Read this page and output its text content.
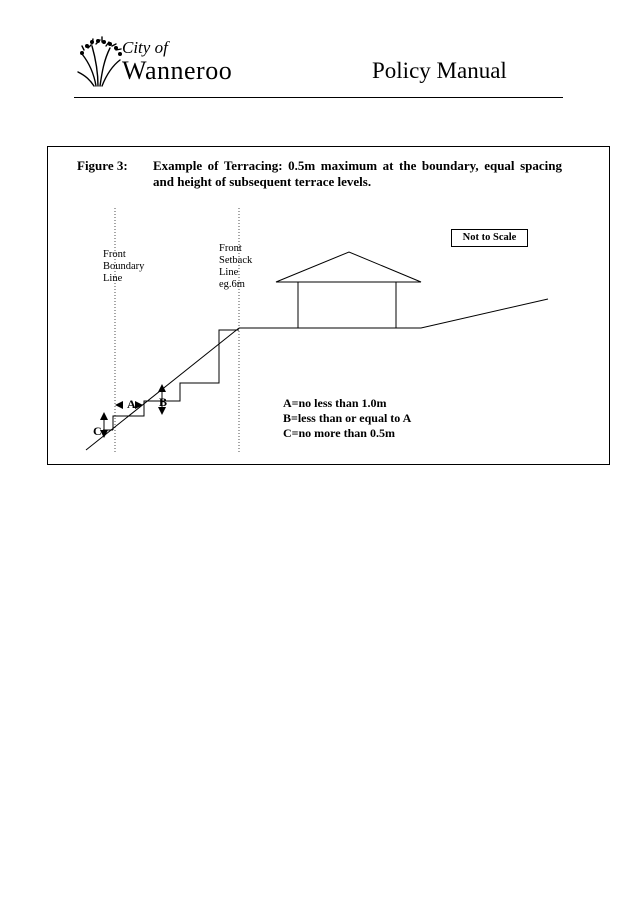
City of
Wanneroo	Policy Manual
Figure 3: Example of Terracing: 0.5m maximum at the boundary, equal spacing and height of subsequent terrace levels.
Front
Boundary
Line
Front
Setback
Line
eg.6m
Not to Scale
A B
C
A=no less than 1.0m
B=less than or equal to A
C=no more than 0.5m
